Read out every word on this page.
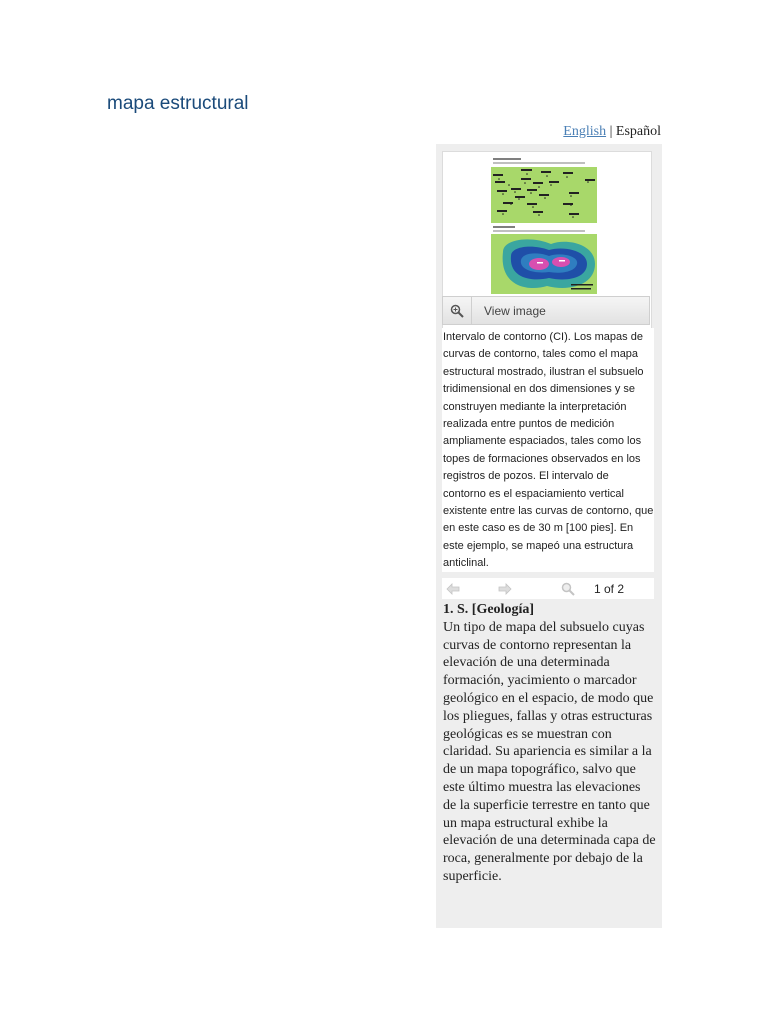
mapa estructural
English | Español
View image
Intervalo de contorno (CI). Los mapas de curvas de contorno, tales como el mapa estructural mostrado, ilustran el subsuelo tridimensional en dos dimensiones y se construyen mediante la interpretación realizada entre puntos de medición ampliamente espaciados, tales como los topes de formaciones observados en los registros de pozos. El intervalo de contorno es el espaciamiento vertical existente entre las curvas de contorno, que en este caso es de 30 m [100 pies]. En este ejemplo, se mapeó una estructura anticlinal.
1 of 2
1. S. [Geología]
Un tipo de mapa del subsuelo cuyas curvas de contorno representan la elevación de una determinada formación, yacimiento o marcador geológico en el espacio, de modo que los pliegues, fallas y otras estructuras geológicas es se muestran con claridad. Su apariencia es similar a la de un mapa topográfico, salvo que este último muestra las elevaciones de la superficie terrestre en tanto que un mapa estructural exhibe la elevación de una determinada capa de roca, generalmente por debajo de la superficie.
